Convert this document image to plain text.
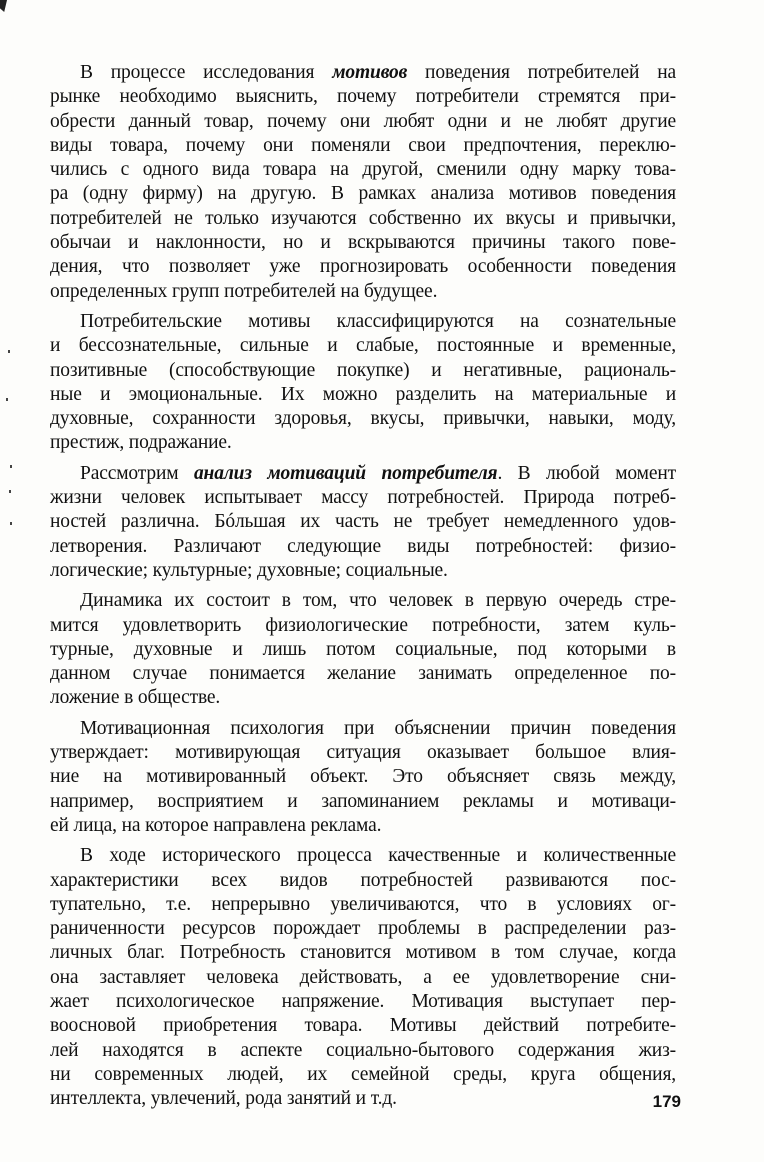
В процессе исследования мотивов поведения потребителей на
рынке необходимо выяснить, почему потребители стремятся при-
обрести данный товар, почему они любят одни и не любят другие
виды товара, почему они поменяли свои предпочтения, переклю-
чились с одного вида товара на другой, сменили одну марку това-
ра (одну фирму) на другую. В рамках анализа мотивов поведения
потребителей не только изучаются собственно их вкусы и привычки,
обычаи и наклонности, но и вскрываются причины такого пове-
дения, что позволяет уже прогнозировать особенности поведения
определенных групп потребителей на будущее.
Потребительские мотивы классифицируются на сознательные
и бессознательные, сильные и слабые, постоянные и временные,
позитивные (способствующие покупке) и негативные, рациональ-
ные и эмоциональные. Их можно разделить на материальные и
духовные, сохранности здоровья, вкусы, привычки, навыки, моду,
престиж, подражание.
Рассмотрим анализ мотиваций потребителя. В любой момент
жизни человек испытывает массу потребностей. Природа потреб-
ностей различна. Бóльшая их часть не требует немедленного удов-
летворения. Различают следующие виды потребностей: физио-
логические; культурные; духовные; социальные.
Динамика их состоит в том, что человек в первую очередь стре-
мится удовлетворить физиологические потребности, затем куль-
турные, духовные и лишь потом социальные, под которыми в
данном случае понимается желание занимать определенное по-
ложение в обществе.
Мотивационная психология при объяснении причин поведения
утверждает: мотивирующая ситуация оказывает большое влия-
ние на мотивированный объект. Это объясняет связь между,
например, восприятием и запоминанием рекламы и мотиваци-
ей лица, на которое направлена реклама.
В ходе исторического процесса качественные и количественные
характеристики всех видов потребностей развиваются пос-
тупательно, т.е. непрерывно увеличиваются, что в условиях ог-
раниченности ресурсов порождает проблемы в распределении раз-
личных благ. Потребность становится мотивом в том случае, когда
она заставляет человека действовать, а ее удовлетворение сни-
жает психологическое напряжение. Мотивация выступает пер-
воосновой приобретения товара. Мотивы действий потребите-
лей находятся в аспекте социально-бытового содержания жиз-
ни современных людей, их семейной среды, круга общения,
интеллекта, увлечений, рода занятий и т.д.	179
